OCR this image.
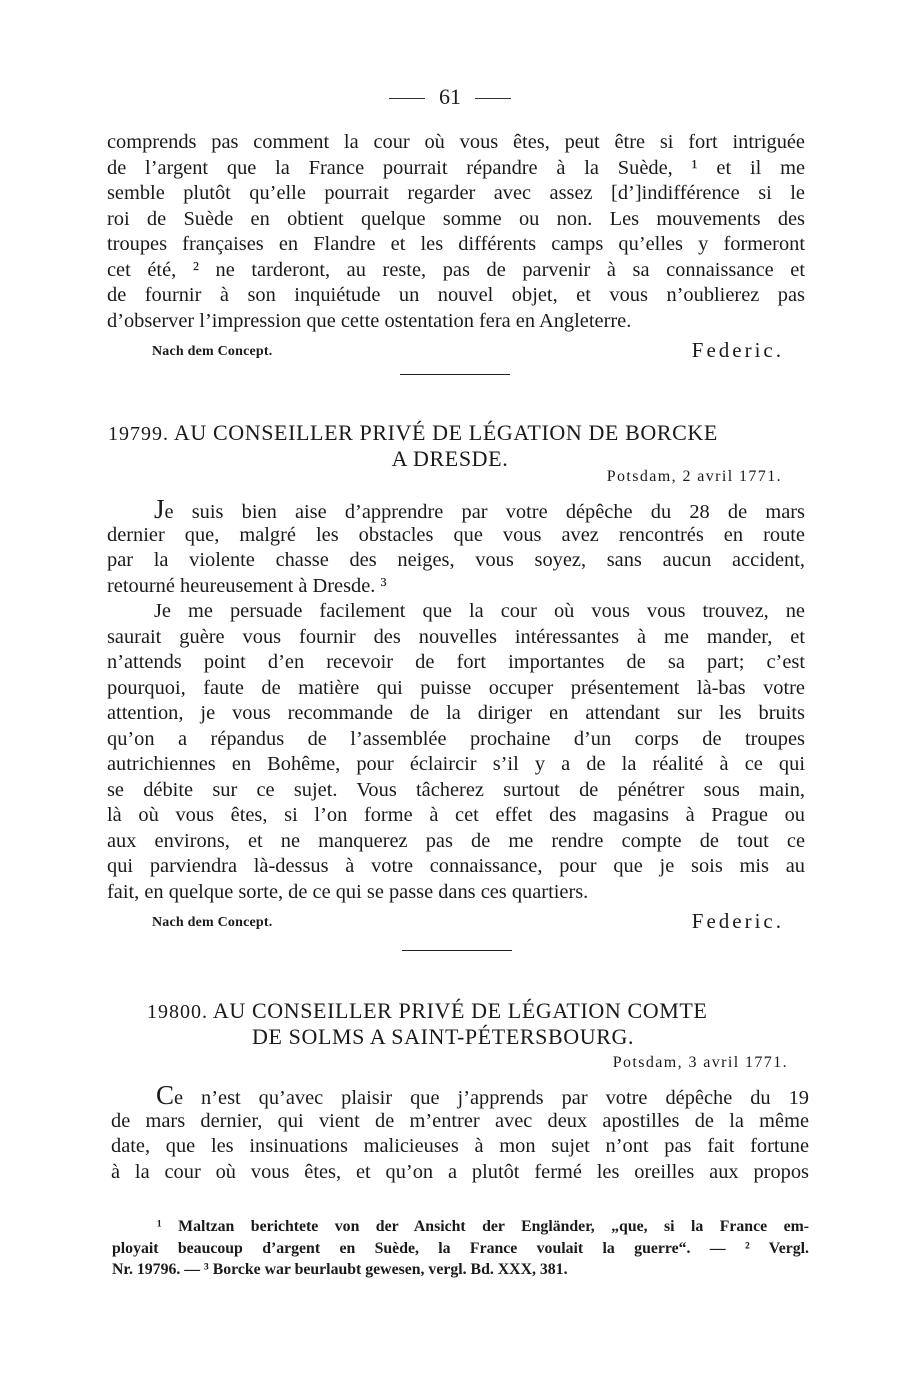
61
comprends pas comment la cour où vous êtes, peut être si fort intriguée
de l’argent que la France pourrait répandre à la Suède, ¹ et il me
semble plutôt qu’elle pourrait regarder avec assez [d’]indifférence si le
roi de Suède en obtient quelque somme ou non. Les mouvements des
troupes françaises en Flandre et les différents camps qu’elles y formeront
cet été, ² ne tarderont, au reste, pas de parvenir à sa connaissance et
de fournir à son inquiétude un nouvel objet, et vous n’oublierez pas
d’observer l’impression que cette ostentation fera en Angleterre.
Nach dem Concept.	Federic.
19799. AU CONSEILLER PRIVÉ DE LÉGATION DE BORCKE
A DRESDE.
Potsdam, 2 avril 1771.
Je suis bien aise d’apprendre par votre dépêche du 28 de mars
dernier que, malgré les obstacles que vous avez rencontrés en route
par la violente chasse des neiges, vous soyez, sans aucun accident,
retourné heureusement à Dresde. ³
Je me persuade facilement que la cour où vous vous trouvez, ne
saurait guère vous fournir des nouvelles intéressantes à me mander, et
n’attends point d’en recevoir de fort importantes de sa part; c’est
pourquoi, faute de matière qui puisse occuper présentement là-bas votre
attention, je vous recommande de la diriger en attendant sur les bruits
qu’on a répandus de l’assemblée prochaine d’un corps de troupes
autrichiennes en Bohême, pour éclaircir s’il y a de la réalité à ce qui
se débite sur ce sujet. Vous tâcherez surtout de pénétrer sous main,
là où vous êtes, si l’on forme à cet effet des magasins à Prague ou
aux environs, et ne manquerez pas de me rendre compte de tout ce
qui parviendra là-dessus à votre connaissance, pour que je sois mis au
fait, en quelque sorte, de ce qui se passe dans ces quartiers.
Nach dem Concept.	Federic.
19800. AU CONSEILLER PRIVÉ DE LÉGATION COMTE
DE SOLMS A SAINT-PÉTERSBOURG.
Potsdam, 3 avril 1771.
Ce n’est qu’avec plaisir que j’apprends par votre dépêche du 19
de mars dernier, qui vient de m’entrer avec deux apostilles de la même
date, que les insinuations malicieuses à mon sujet n’ont pas fait fortune
à la cour où vous êtes, et qu’on a plutôt fermé les oreilles aux propos
¹ Maltzan berichtete von der Ansicht der Engländer, „que, si la France em-
ployait beaucoup d’argent en Suède, la France voulait la guerre“. — ² Vergl.
Nr. 19796. — ³ Borcke war beurlaubt gewesen, vergl. Bd. XXX, 381.
